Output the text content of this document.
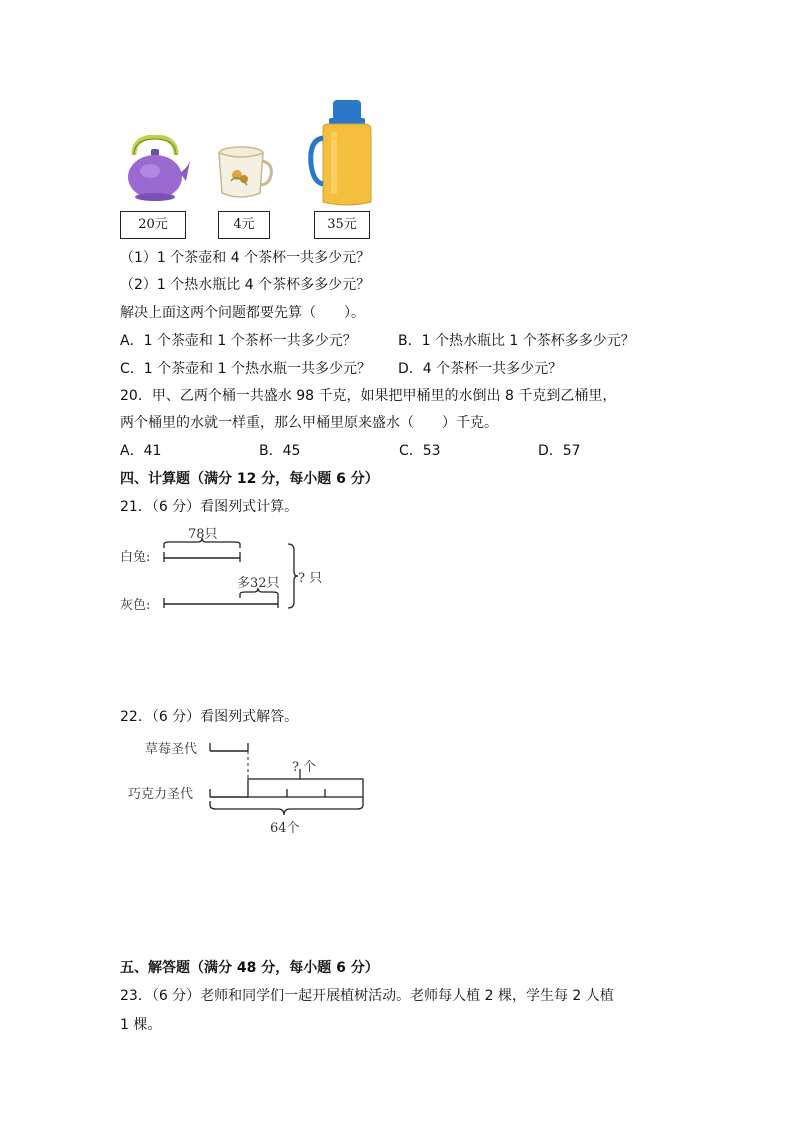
20元	4元	35元
（1）1 个茶壶和 4 个茶杯一共多少元？
（2）1 个热水瓶比 4 个茶杯多多少元？
解决上面这两个问题都要先算（　　）。
A．1 个茶壶和 1 个茶杯一共多少元？	B．1 个热水瓶比 1 个茶杯多多少元？
C．1 个茶壶和 1 个热水瓶一共多少元？ D．4 个茶杯一共多少元？
20．甲、乙两个桶一共盛水 98 千克，如果把甲桶里的水倒出 8 千克到乙桶里，
两个桶里的水就一样重，那么甲桶里原来盛水（　　）千克。
A．41	B．45	C．53	D．57
四、计算题（满分 12 分，每小题 6 分）
21．（6 分）看图列式计算。
白兔:
灰色:
78只
多32只 ? 只
22．（6 分）看图列式解答。
草莓圣代
巧克力圣代
? 个
64个
五、解答题（满分 48 分，每小题 6 分）
23．（6 分）老师和同学们一起开展植树活动。老师每人植 2 棵，学生每 2 人植
1 棵。
